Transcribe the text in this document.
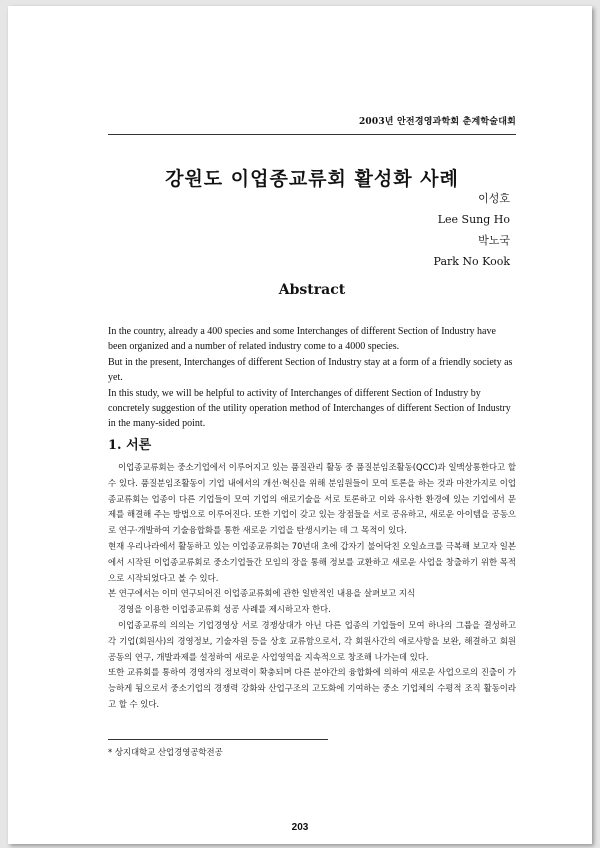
2003년 안전경영과학회 춘계학술대회
강원도 이업종교류회 활성화 사례
이성호
Lee Sung Ho
박노국
Park No Kook
Abstract

In the country, already a 400 species and some Interchanges of different Section of Industry have been organized and a number of related industry come to a 4000 species.

But in the present, Interchanges of different Section of Industry stay at a form of a friendly society as yet.

In this study, we will be helpful to activity of Interchanges of different Section of Industry by concretely suggestion of the utility operation method of Interchanges of different Section of Industry in the many-sided point.

1. 서론

이업종교류회는 중소기업에서 이루어지고 있는 품질관리 활동 중 품질분임조활동(QCC)과 일맥상통한다고 할 수 있다. 품질분임조활동이 기업 내에서의 개선·혁신을 위해 분임원들이 모여 토론을 하는 것과 마찬가지로 이업종교류회는 업종이 다른 기업들이 모여 기업의 애로기술을 서로 토론하고 이와 유사한 환경에 있는 기업에서 문제를 해결해 주는 방법으로 이루어진다. 또한 기업이 갖고 있는 장점들을 서로 공유하고, 새로운 아이템을 공동으로 연구·개발하여 기술융합화를 통한 새로운 기업을 탄생시키는 데 그 목적이 있다.

현재 우리나라에서 활동하고 있는 이업종교류회는 70년대 초에 갑자기 불어닥친 오일쇼크를 극복해 보고자 일본에서 시작된 이업종교류회로 중소기업들간 모임의 장을 통해 정보를 교환하고 새로운 사업을 창출하기 위한 목적으로 시작되었다고 볼 수 있다.

본 연구에서는 이미 연구되어진 이업종교류회에 관한 일반적인 내용을 살펴보고 지식

경영을 이용한 이업종교류회 성공 사례를 제시하고자 한다.

이업종교류의 의의는 기업경영상 서로 경쟁상대가 아닌 다른 업종의 기업들이 모여 하나의 그룹을 결성하고 각 기업(회원사)의 경영정보, 기술자원 등을 상호 교류함으로서, 각 회원사간의 애로사항을 보완, 해결하고 회원 공동의 연구, 개발과제를 설정하여 새로운 사업영역을 지속적으로 창조해 나가는데 있다.

또한 교류회를 통하여 경영자의 정보력이 확충되며 다른 분야간의 융합화에 의하여 새로운 사업으로의 진출이 가능하게 됨으로서 중소기업의 경쟁력 강화와 산업구조의 고도화에 기여하는 중소 기업체의 수평적 조직 활동이라고 할 수 있다.

* 상지대학교 산업경영공학전공
203
